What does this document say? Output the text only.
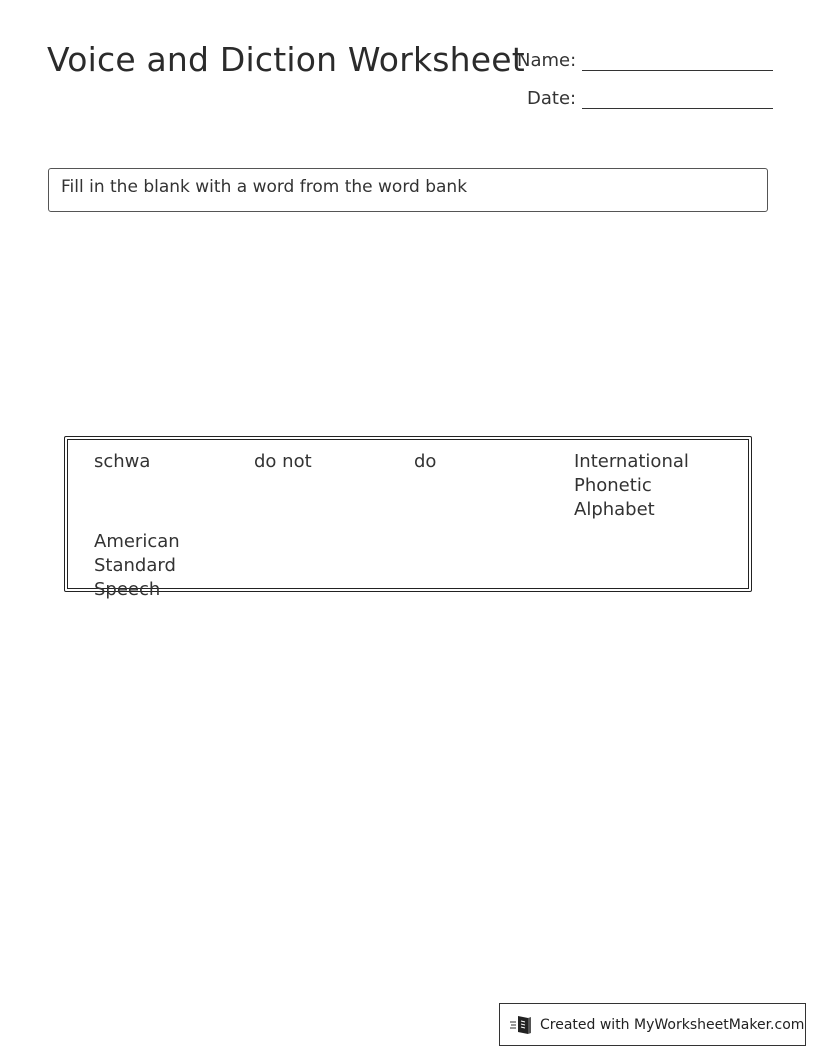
Voice and Diction Worksheet
Name:
Date:
Fill in the blank with a word from the word bank
schwa	do not	do	International Phonetic Alphabet
American Standard Speech
Created with MyWorksheetMaker.com
